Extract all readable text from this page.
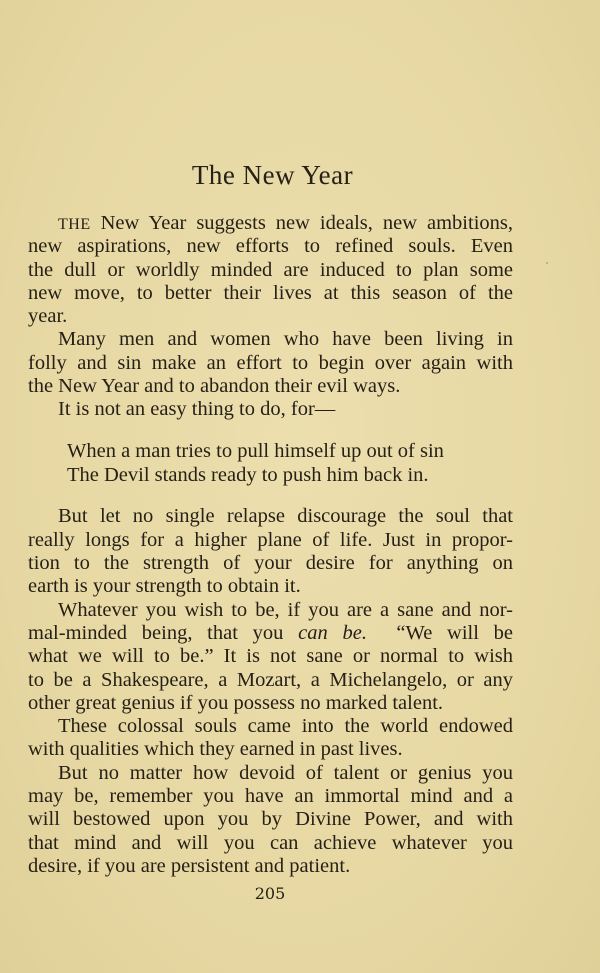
The New Year
THE New Year suggests new ideals, new ambitions,
new aspirations, new efforts to refined souls. Even
the dull or worldly minded are induced to plan some
new move, to better their lives at this season of the
year.
Many men and women who have been living in
folly and sin make an effort to begin over again with
the New Year and to abandon their evil ways.
It is not an easy thing to do, for—
When a man tries to pull himself up out of sin
The Devil stands ready to push him back in.
But let no single relapse discourage the soul that
really longs for a higher plane of life. Just in propor-
tion to the strength of your desire for anything on
earth is your strength to obtain it.
Whatever you wish to be, if you are a sane and nor-
mal-minded being, that you can be.  “We will be
what we will to be.” It is not sane or normal to wish
to be a Shakespeare, a Mozart, a Michelangelo, or any
other great genius if you possess no marked talent.
These colossal souls came into the world endowed
with qualities which they earned in past lives.
But no matter how devoid of talent or genius you
may be, remember you have an immortal mind and a
will bestowed upon you by Divine Power, and with
that mind and will you can achieve whatever you
desire, if you are persistent and patient.
205
